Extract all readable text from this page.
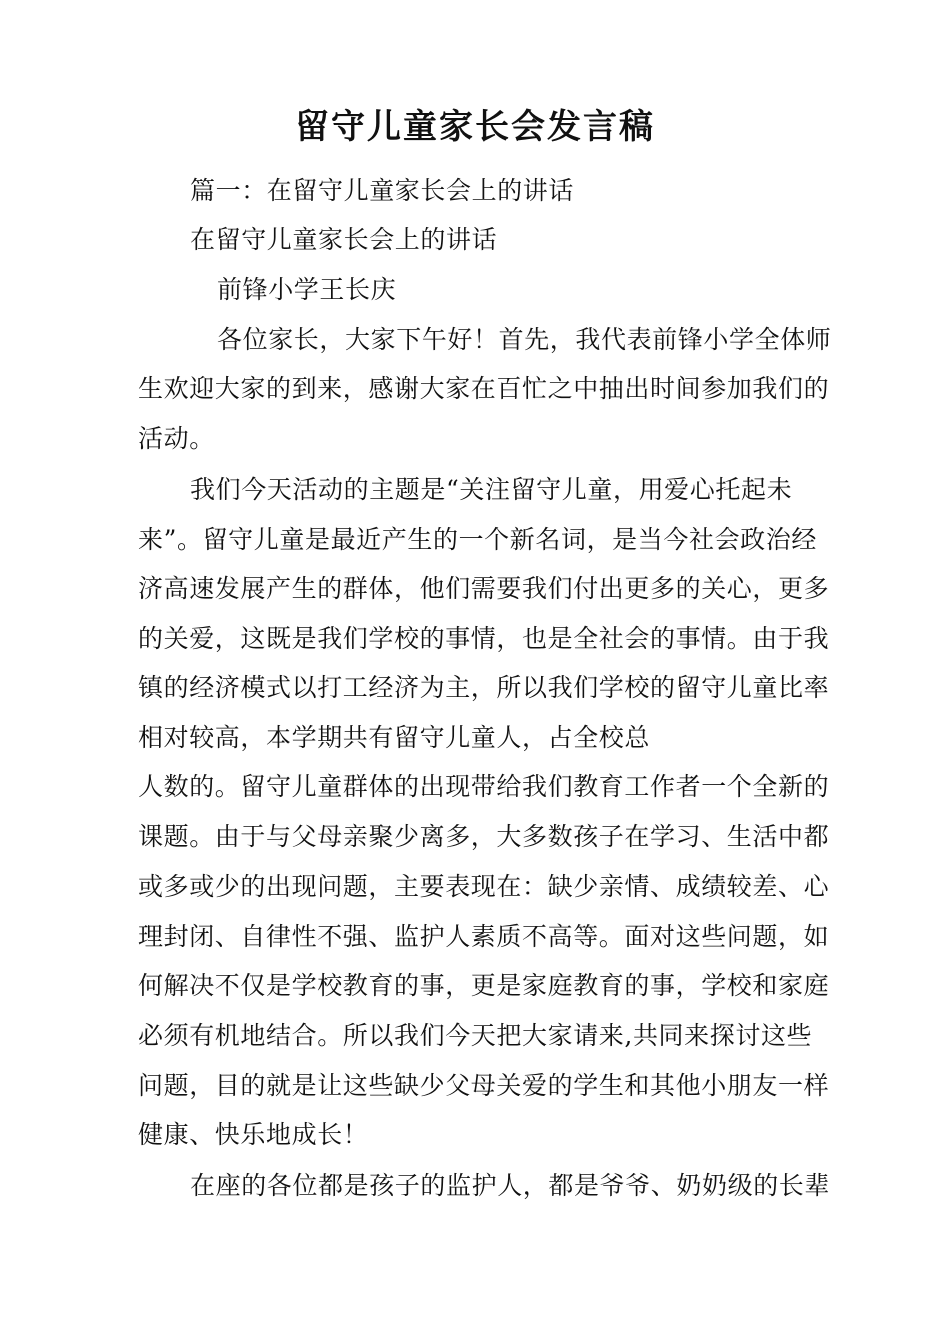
留守儿童家长会发言稿
篇一：在留守儿童家长会上的讲话
在留守儿童家长会上的讲话
前锋小学王长庆
各位家长，大家下午好！首先，我代表前锋小学全体师
生欢迎大家的到来，感谢大家在百忙之中抽出时间参加我们的
活动。
我们今天活动的主题是“关注留守儿童，用爱心托起未
来”。留守儿童是最近产生的一个新名词，是当今社会政治经
济高速发展产生的群体，他们需要我们付出更多的关心，更多
的关爱，这既是我们学校的事情，也是全社会的事情。由于我
镇的经济模式以打工经济为主，所以我们学校的留守儿童比率
相对较高，本学期共有留守儿童人，占全校总
人数的。留守儿童群体的出现带给我们教育工作者一个全新的
课题。由于与父母亲聚少离多，大多数孩子在学习、生活中都
或多或少的出现问题，主要表现在：缺少亲情、成绩较差、心
理封闭、自律性不强、监护人素质不高等。面对这些问题，如
何解决不仅是学校教育的事，更是家庭教育的事，学校和家庭
必须有机地结合。所以我们今天把大家请来,共同来探讨这些
问题，目的就是让这些缺少父母关爱的学生和其他小朋友一样
健康、快乐地成长！
在座的各位都是孩子的监护人，都是爷爷、奶奶级的长辈
